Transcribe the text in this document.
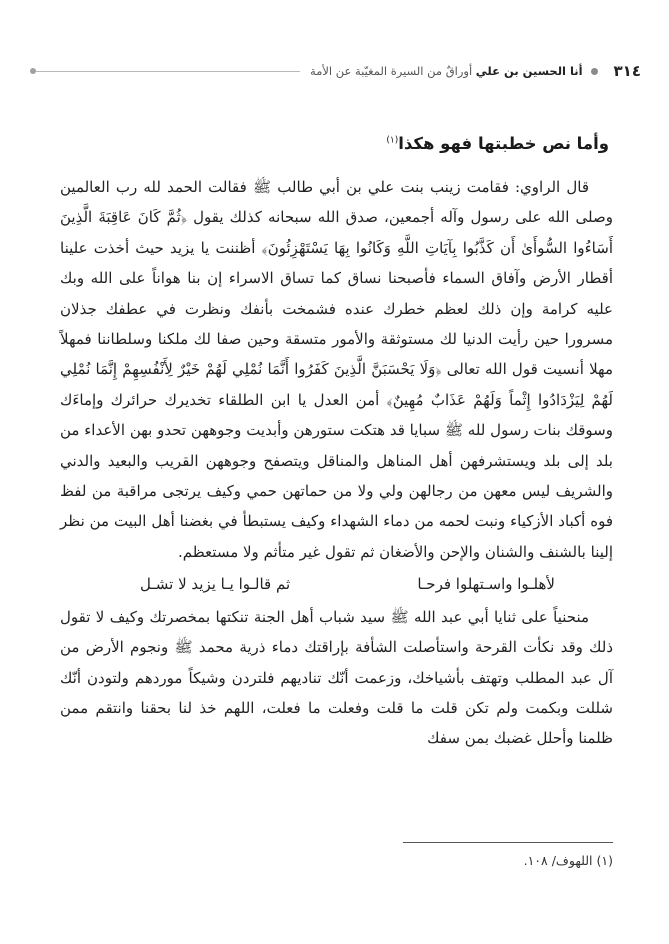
٣١٤
أنا الحسين بن علي أوراقٌ من السيرة المغيّبة عن الأمة
وأما نص خطبتها فهو هكذا$^{(١)}$

قال الراوي: فقامت زينب بنت علي بن أبي طالب ﷺ فقالت الحمد لله رب العالمين وصلى الله على رسول وآله أجمعين، صدق الله سبحانه كذلك يقول ﴿ثُمَّ كَانَ عَاقِبَةَ الَّذِينَ أَسَاءُوا السُّوأَىٰ أَن كَذَّبُوا بِآيَاتِ اللَّهِ وَكَانُوا بِهَا يَسْتَهْزِئُونَ﴾ أظننت يا يزيد حيث أخذت علينا أقطار الأرض وآفاق السماء فأصبحنا نساق كما تساق الاسراء إن بنا هواناً على الله وبك عليه كرامة وإن ذلك لعظم خطرك عنده فشمخت بأنفك ونظرت في عطفك جذلان مسرورا حين رأيت الدنيا لك مستوثقة والأمور متسقة وحين صفا لك ملكنا وسلطاننا فمهلاً مهلا أنسيت قول الله تعالى ﴿وَلَا يَحْسَبَنَّ الَّذِينَ كَفَرُوا أَنَّمَا نُمْلِي لَهُمْ خَيْرٌ لِأَنْفُسِهِمْ إِنَّمَا نُمْلِي لَهُمْ لِيَزْدَادُوا إِثْماً وَلَهُمْ عَذَابٌ مُهِينٌ﴾ أمن العدل يا ابن الطلقاء تخديرك حرائرك وإماءَك وسوقك بنات رسول لله ﷺ سبايا قد هتكت ستورهن وأبديت وجوههن تحدو بهن الأعداء من بلد إلى بلد ويستشرفهن أهل المناهل والمناقل ويتصفح وجوههن القريب والبعيد والدني والشريف ليس معهن من رجالهن ولي ولا من حماتهن حمي وكيف يرتجى مراقبة من لفظ فوه أكباد الأزكياء ونبت لحمه من دماء الشهداء وكيف يستبطأ في بغضنا أهل البيت من نظر إلينا بالشنف والشنان والإحن والأضغان ثم تقول غير متأثم ولا مستعظم.

لأهلـوا واسـتهلوا فرحـا
ثم قالـوا يـا يزيد لا تشـل

منحنياً على ثنايا أبي عبد الله ﷺ سيد شباب أهل الجنة تنكتها بمخصرتك وكيف لا تقول ذلك وقد نكأت القرحة واستأصلت الشأفة بإراقتك دماء ذرية محمد ﷺ ونجوم الأرض من آل عبد المطلب وتهتف بأشياخك، وزعمت أنّك تناديهم فلتردن وشيكاً موردهم ولتودن أنّك شللت وبكمت ولم تكن قلت ما قلت وفعلت ما فعلت، اللهم خذ لنا بحقنا وانتقم ممن ظلمنا وأحلل غضبك بمن سفك

(١) اللهوف/ ١٠٨.
